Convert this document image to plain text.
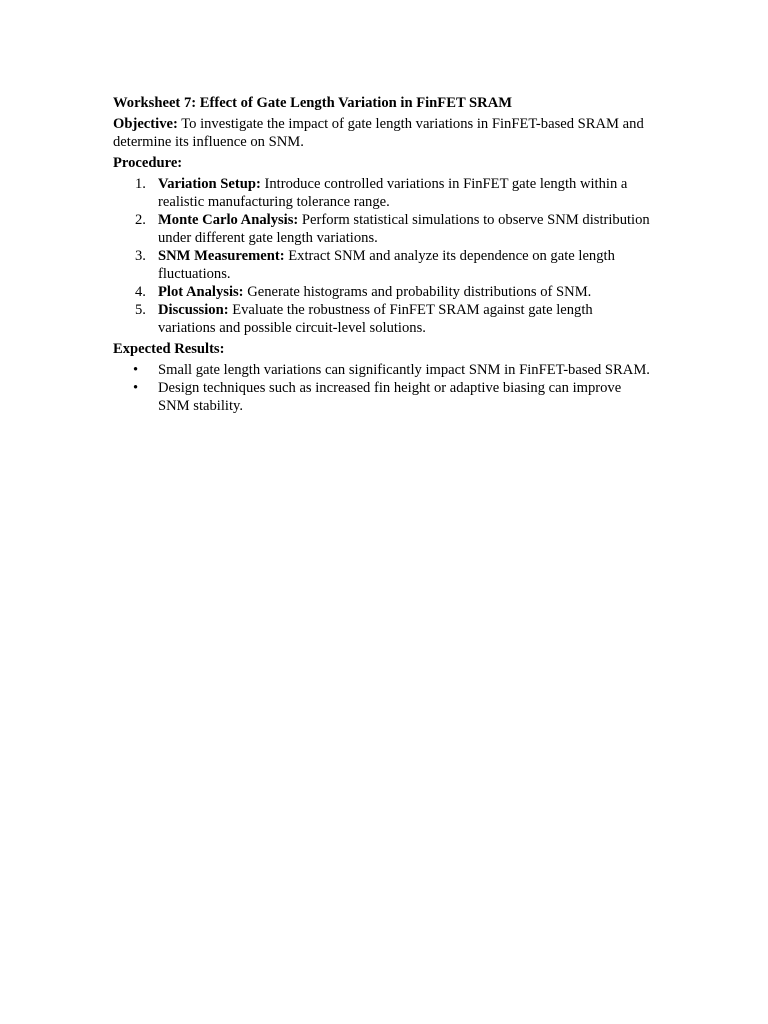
Worksheet 7: Effect of Gate Length Variation in FinFET SRAM
Objective: To investigate the impact of gate length variations in FinFET-based SRAM and determine its influence on SNM.
Procedure:
1. Variation Setup: Introduce controlled variations in FinFET gate length within a realistic manufacturing tolerance range.
2. Monte Carlo Analysis: Perform statistical simulations to observe SNM distribution under different gate length variations.
3. SNM Measurement: Extract SNM and analyze its dependence on gate length fluctuations.
4. Plot Analysis: Generate histograms and probability distributions of SNM.
5. Discussion: Evaluate the robustness of FinFET SRAM against gate length variations and possible circuit-level solutions.
Expected Results:
• Small gate length variations can significantly impact SNM in FinFET-based SRAM.
• Design techniques such as increased fin height or adaptive biasing can improve SNM stability.
